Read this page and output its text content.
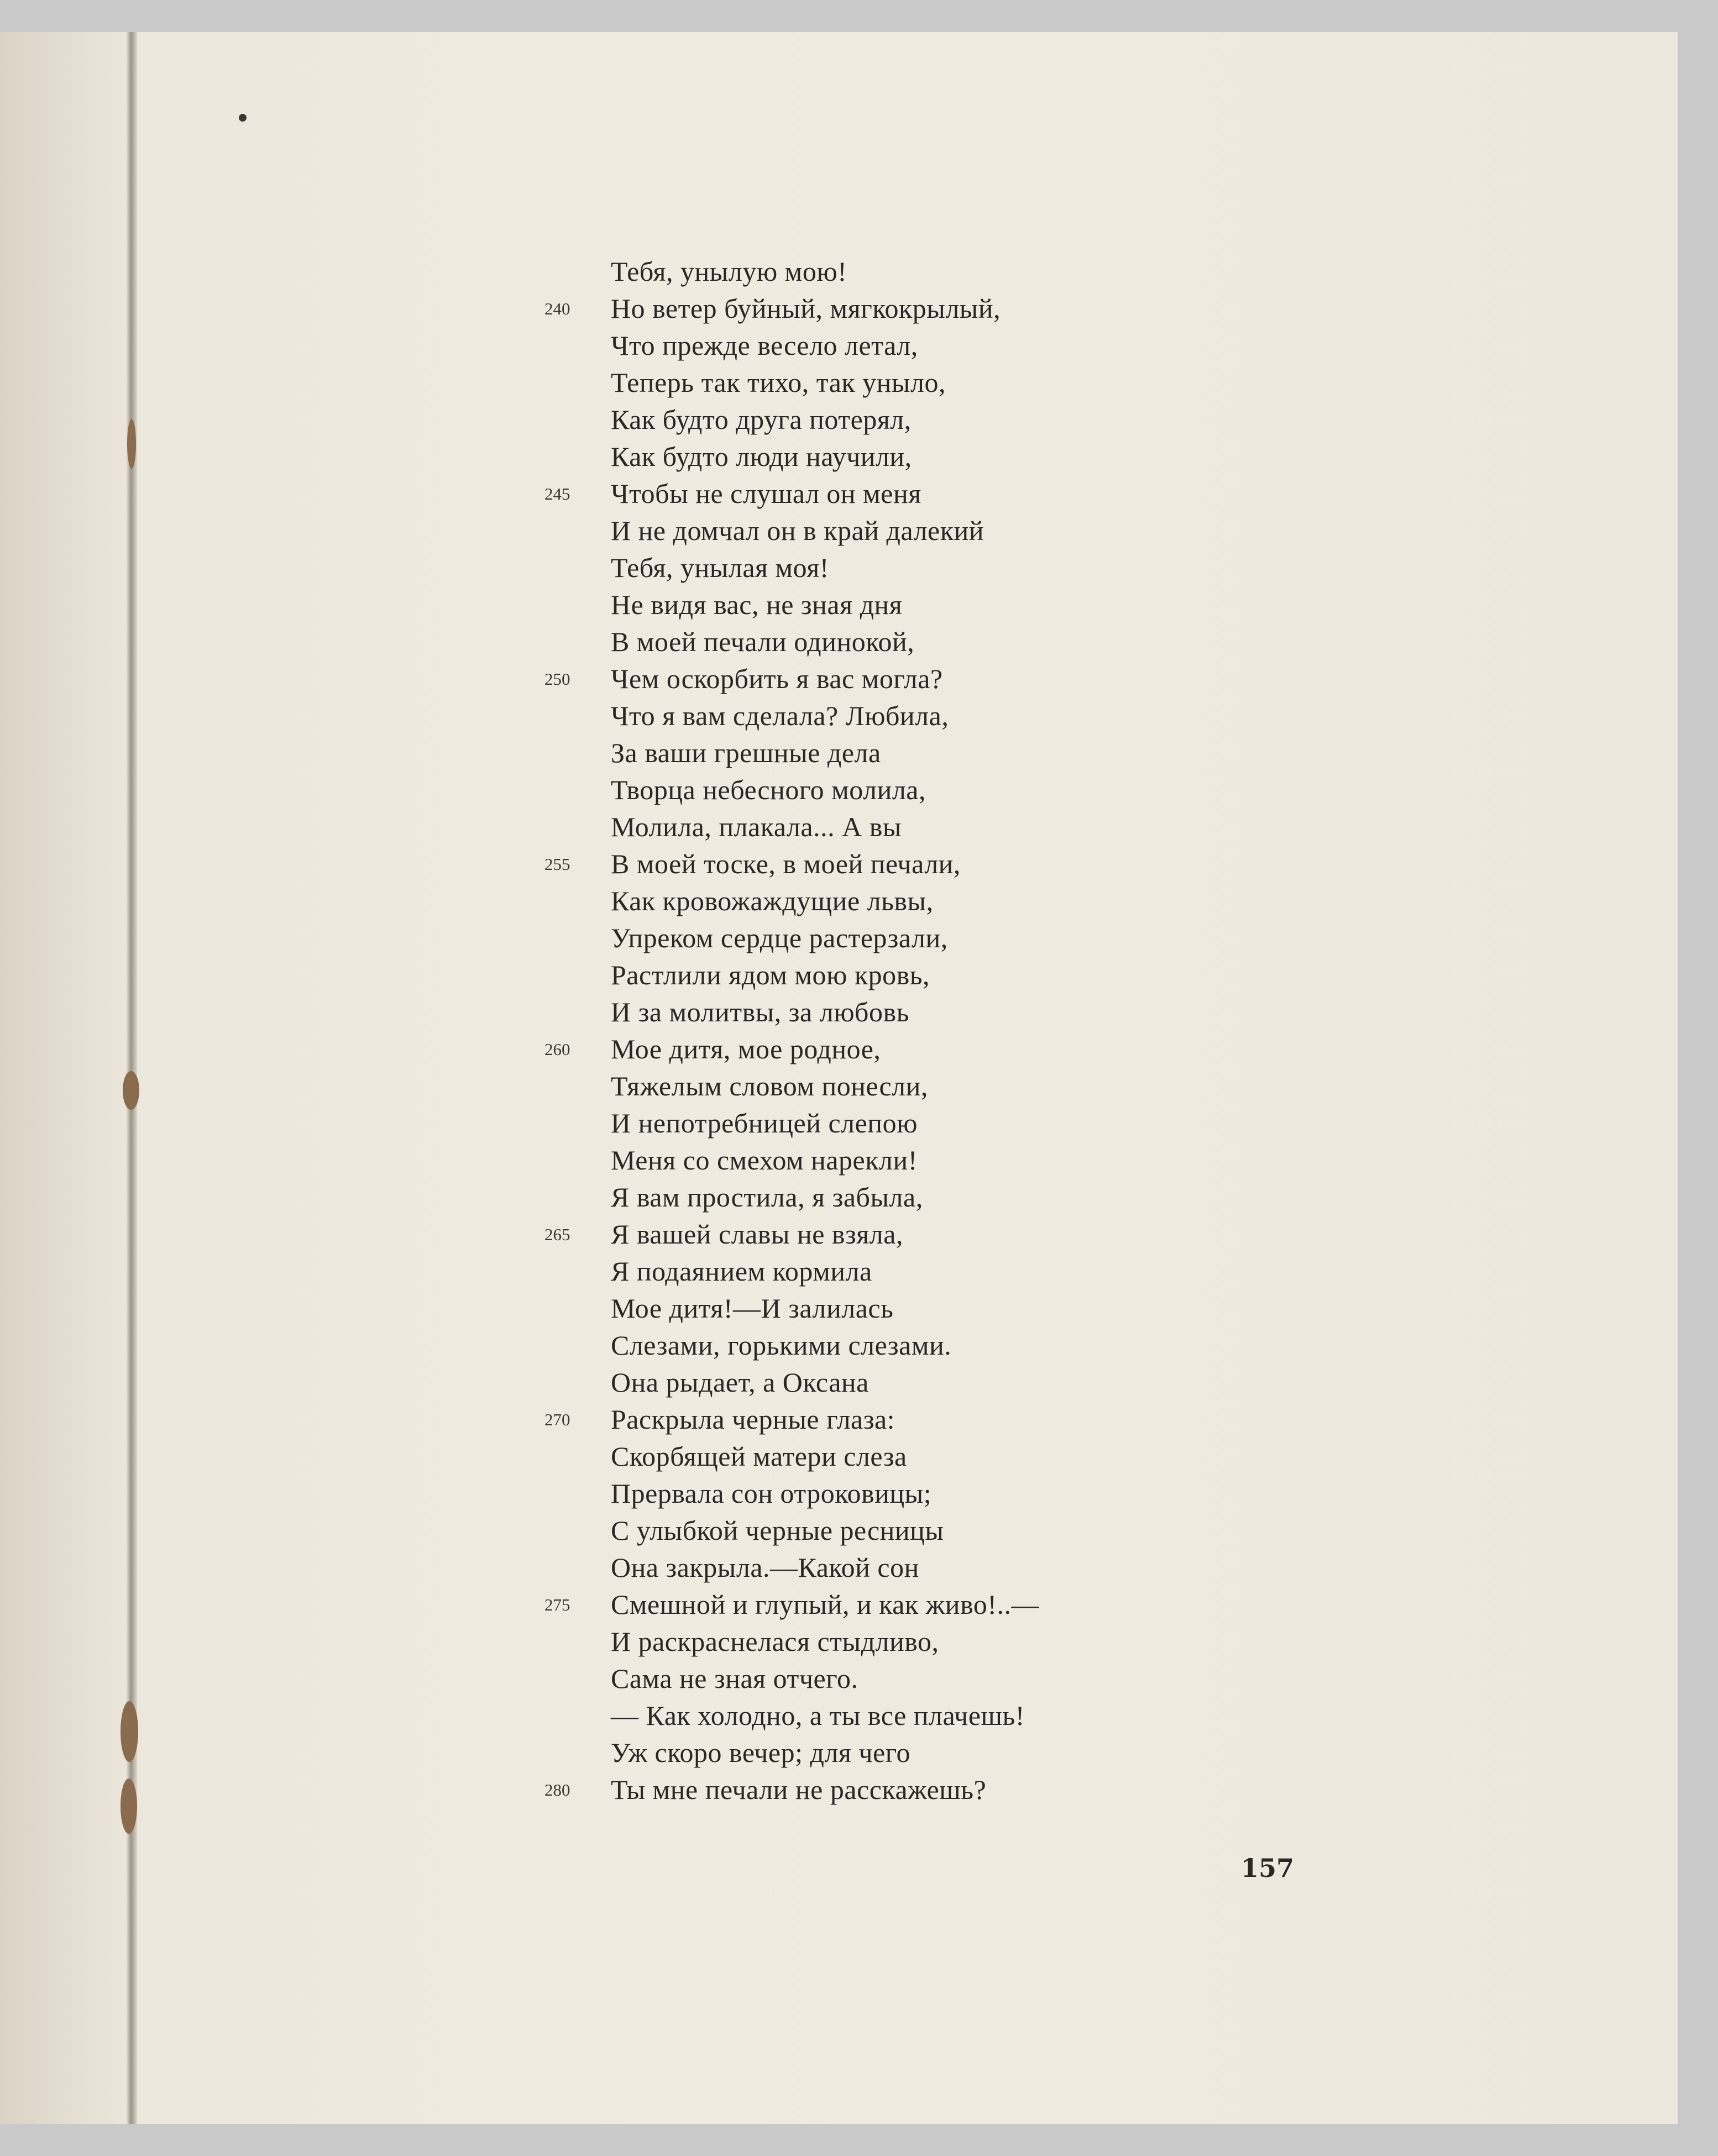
Тебя, унылую мою!
Но ветер буйный, мягкокрылый,
Что прежде весело летал,
Теперь так тихо, так уныло,
Как будто друга потерял,
Как будто люди научили,
Чтобы не слушал он меня
И не домчал он в край далекий
Тебя, унылая моя!
Не видя вас, не зная дня
В моей печали одинокой,
Чем оскорбить я вас могла?
Что я вам сделала? Любила,
За ваши грешные дела
Творца небесного молила,
Молила, плакала... А вы
В моей тоске, в моей печали,
Как кровожаждущие львы,
Упреком сердце растерзали,
Растлили ядом мою кровь,
И за молитвы, за любовь
Мое дитя, мое родное,
Тяжелым словом понесли,
И непотребницей слепою
Меня со смехом нарекли!
Я вам простила, я забыла,
Я вашей славы не взяла,
Я подаянием кормила
Мое дитя!—И залилась
Слезами, горькими слезами.
Она рыдает, а Оксана
Раскрыла черные глаза:
Скорбящей матери слеза
Прервала сон отроковицы;
С улыбкой черные ресницы
Она закрыла.—Какой сон
Смешной и глупый, и как живо!..—
И раскраснелася стыдливо,
Сама не зная отчего.
— Как холодно, а ты все плачешь!
Уж скоро вечер; для чего
Ты мне печали не расскажешь?
240
245
250
255
260
265
270
275
280
157
